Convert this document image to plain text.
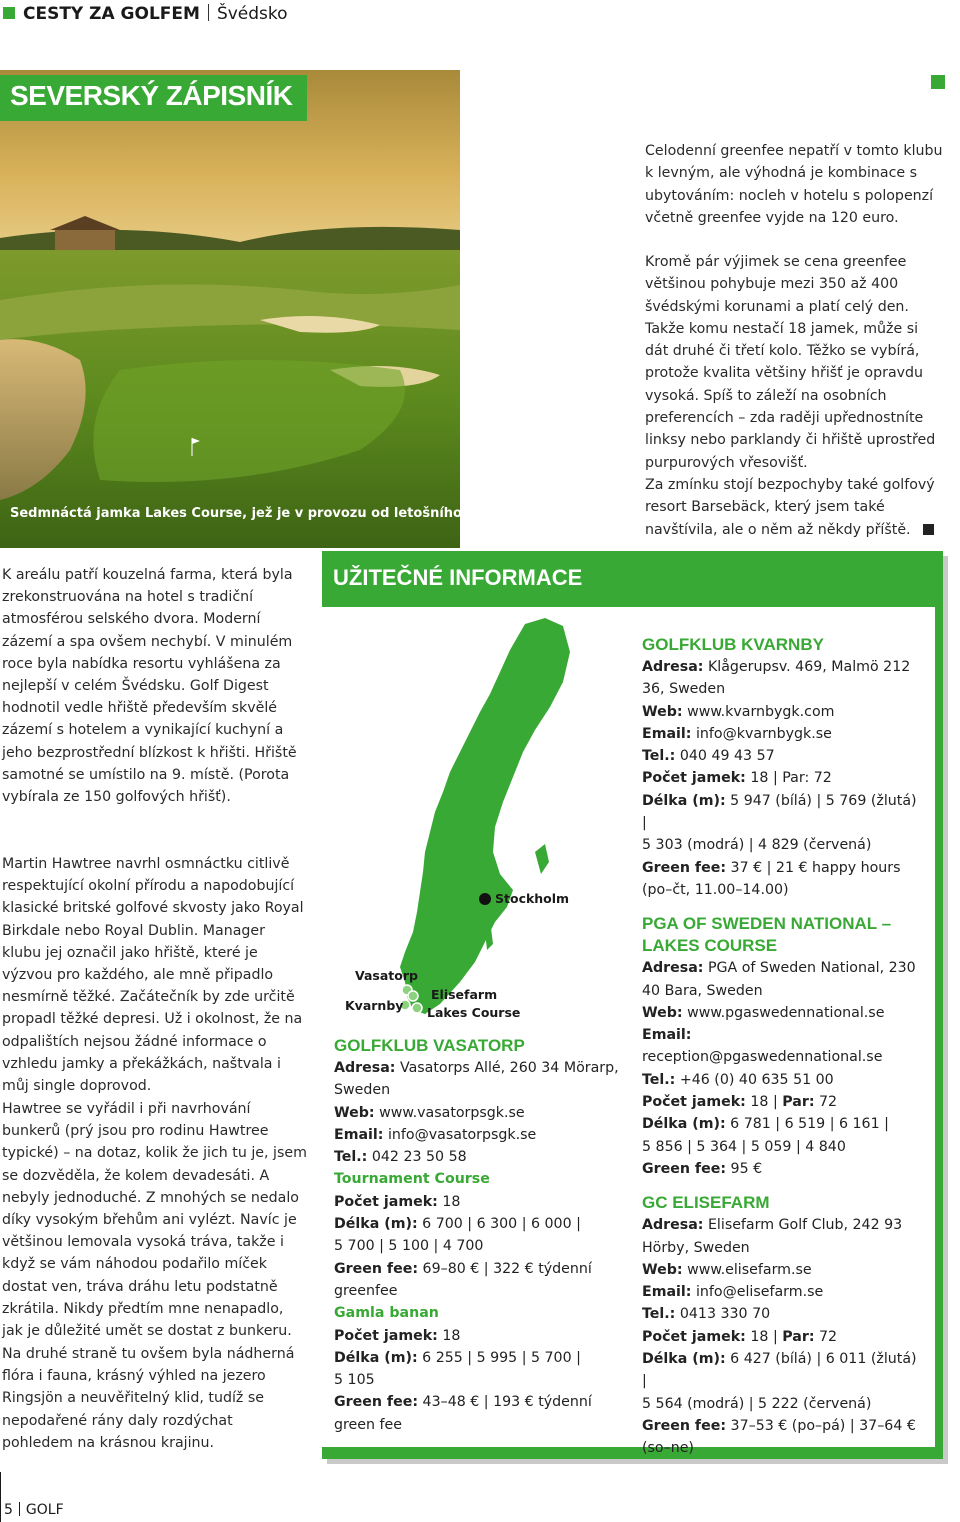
CESTY ZA GOLFEM Švédsko
SEVERSKÝ ZÁPISNÍK
Sedmnáctá jamka Lakes Course, jež je v provozu od letošního roku.

Celodenní greenfee nepatří v tomto klubu k levným, ale výhodná je kombinace s ubytováním: nocleh v hotelu s polopenzí včetně greenfee vyjde na 120 euro.

Kromě pár výjimek se cena greenfee většinou pohybuje mezi 350 až 400 švédskými korunami a platí celý den. Takže komu nestačí 18 jamek, může si dát druhé či třetí kolo. Těžko se vybírá, protože kvalita většiny hřišť je opravdu vysoká. Spíš to záleží na osobních preferencích – zda raději upřednostníte linksy nebo parklandy či hřiště uprostřed purpurových vřesovišť.

Za zmínku stojí bezpochyby také golfový resort Barsebäck, který jsem také navštívila, ale o něm až někdy příště.

K areálu patří kouzelná farma, která byla zrekonstruována na hotel s tradiční atmosférou selského dvora. Moderní zázemí a spa ovšem nechybí. V minulém roce byla nabídka resortu vyhlášena za nejlepší v celém Švédsku. Golf Digest hodnotil vedle hřiště především skvělé zázemí s hotelem a vynikající kuchyní a jeho bezprostřední blízkost k hřišti. Hřiště samotné se umístilo na 9. místě. (Porota vybírala ze 150 golfových hřišť).

Martin Hawtree navrhl osmnáctku citlivě respektující okolní přírodu a napodobující klasické britské golfové skvosty jako Royal Birkdale nebo Royal Dublin. Manager klubu jej označil jako hřiště, které je výzvou pro každého, ale mně připadlo nesmírně těžké. Začátečník by zde určitě propadl těžké depresi. Už i okolnost, že na odpalištích nejsou žádné informace o vzhledu jamky a překážkách, naštvala i můj single doprovod.

Hawtree se vyřádil i při navrhování bunkerů (prý jsou pro rodinu Hawtree typické) – na dotaz, kolik že jich tu je, jsem se dozvěděla, že kolem devadesáti. A nebyly jednoduché. Z mnohých se nedalo díky vysokým břehům ani vylézt. Navíc je většinou lemovala vysoká tráva, takže i když se vám náhodou podařilo míček dostat ven, tráva dráhu letu podstatně zkrátila. Nikdy předtím mne nenapadlo, jak je důležité umět se dostat z bunkeru.

Na druhé straně tu ovšem byla nádherná flóra i fauna, krásný výhled na jezero Ringsjön a neuvěřitelný klid, tudíž se nepodařené rány daly rozdýchat pohledem na krásnou krajinu.

UŽITEČNÉ INFORMACE
Stockholm
Vasatorp
Kvarnby
Elisefarm
Lakes Course
GOLFKLUB VASATORP
Adresa: Vasatorps Allé, 260 34 Mörarp, Sweden
Web: www.vasatorpsgk.se
Email: info@vasatorpsgk.se
Tel.: 042 23 50 58
Tournament Course
Počet jamek: 18
Délka (m): 6 700 | 6 300 | 6 000 |
5 700 | 5 100 | 4 700
Green fee: 69–80 € | 322 € týdenní greenfee
Gamla banan
Počet jamek: 18
Délka (m): 6 255 | 5 995 | 5 700 |
5 105
Green fee: 43–48 € | 193 € týdenní green fee
GOLFKLUB KVARNBY
Adresa: Klågerupsv. 469, Malmö 212 36, Sweden
Web: www.kvarnbygk.com
Email: info@kvarnbygk.se
Tel.: 040 49 43 57
Počet jamek: 18 | Par: 72
Délka (m): 5 947 (bílá) | 5 769 (žlutá) |
5 303 (modrá) | 4 829 (červená)
Green fee: 37 € | 21 € happy hours (po–čt, 11.00–14.00)
PGA OF SWEDEN NATIONAL –
LAKES COURSE
Adresa: PGA of Sweden National, 230 40 Bara, Sweden
Web: www.pgaswedennational.se
Email:
reception@pgaswedennational.se
Tel.: +46 (0) 40 635 51 00
Počet jamek: 18 | Par: 72
Délka (m): 6 781 | 6 519 | 6 161 |
5 856 | 5 364 | 5 059 | 4 840
Green fee: 95 €
GC ELISEFARM
Adresa: Elisefarm Golf Club, 242 93 Hörby, Sweden
Web: www.elisefarm.se
Email: info@elisefarm.se
Tel.: 0413 330 70
Počet jamek: 18 | Par: 72
Délka (m): 6 427 (bílá) | 6 011 (žlutá) |
5 564 (modrá) | 5 222 (červená)
Green fee: 37–53 € (po–pá) | 37–64 € (so–ne)
5 GOLF
